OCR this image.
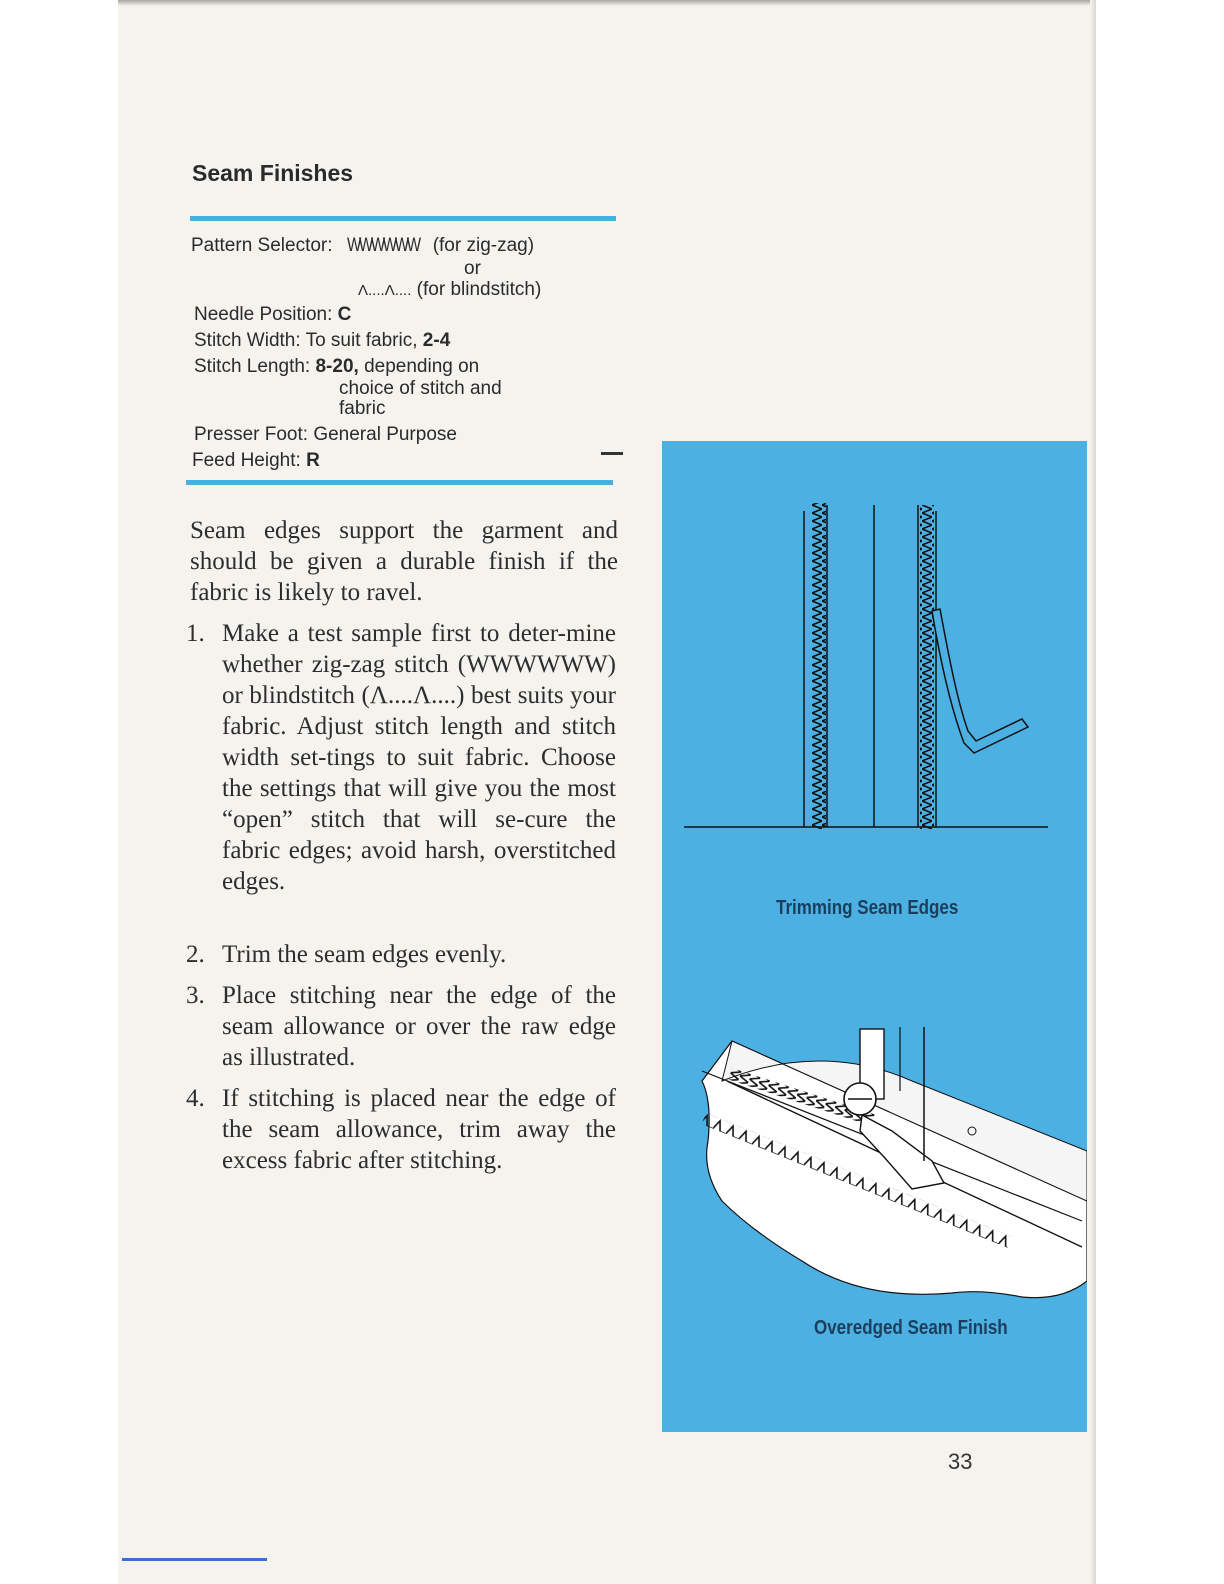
Seam Finishes

Pattern Selector: WWWWWW (for zig-zag)

or

Λ....Λ.... (for blindstitch)

Needle Position: C

Stitch Width: To suit fabric, 2-4

Stitch Length: 8-20, depending on

choice of stitch and

fabric

Presser Foot: General Purpose

Feed Height: R

Seam edges support the garment and should be given a durable finish if the fabric is likely to ravel.

1. Make a test sample first to deter-mine whether zig-zag stitch (WWWWWW) or blindstitch (Λ....Λ....) best suits your fabric. Adjust stitch length and stitch width set-tings to suit fabric. Choose the settings that will give you the most “open” stitch that will se-cure the fabric edges; avoid harsh, overstitched edges.
2. Trim the seam edges evenly.
3. Place stitching near the edge of the seam allowance or over the raw edge as illustrated.
4. If stitching is placed near the edge of the seam allowance, trim away the excess fabric after stitching.
Trimming Seam Edges
Overedged Seam Finish
33
